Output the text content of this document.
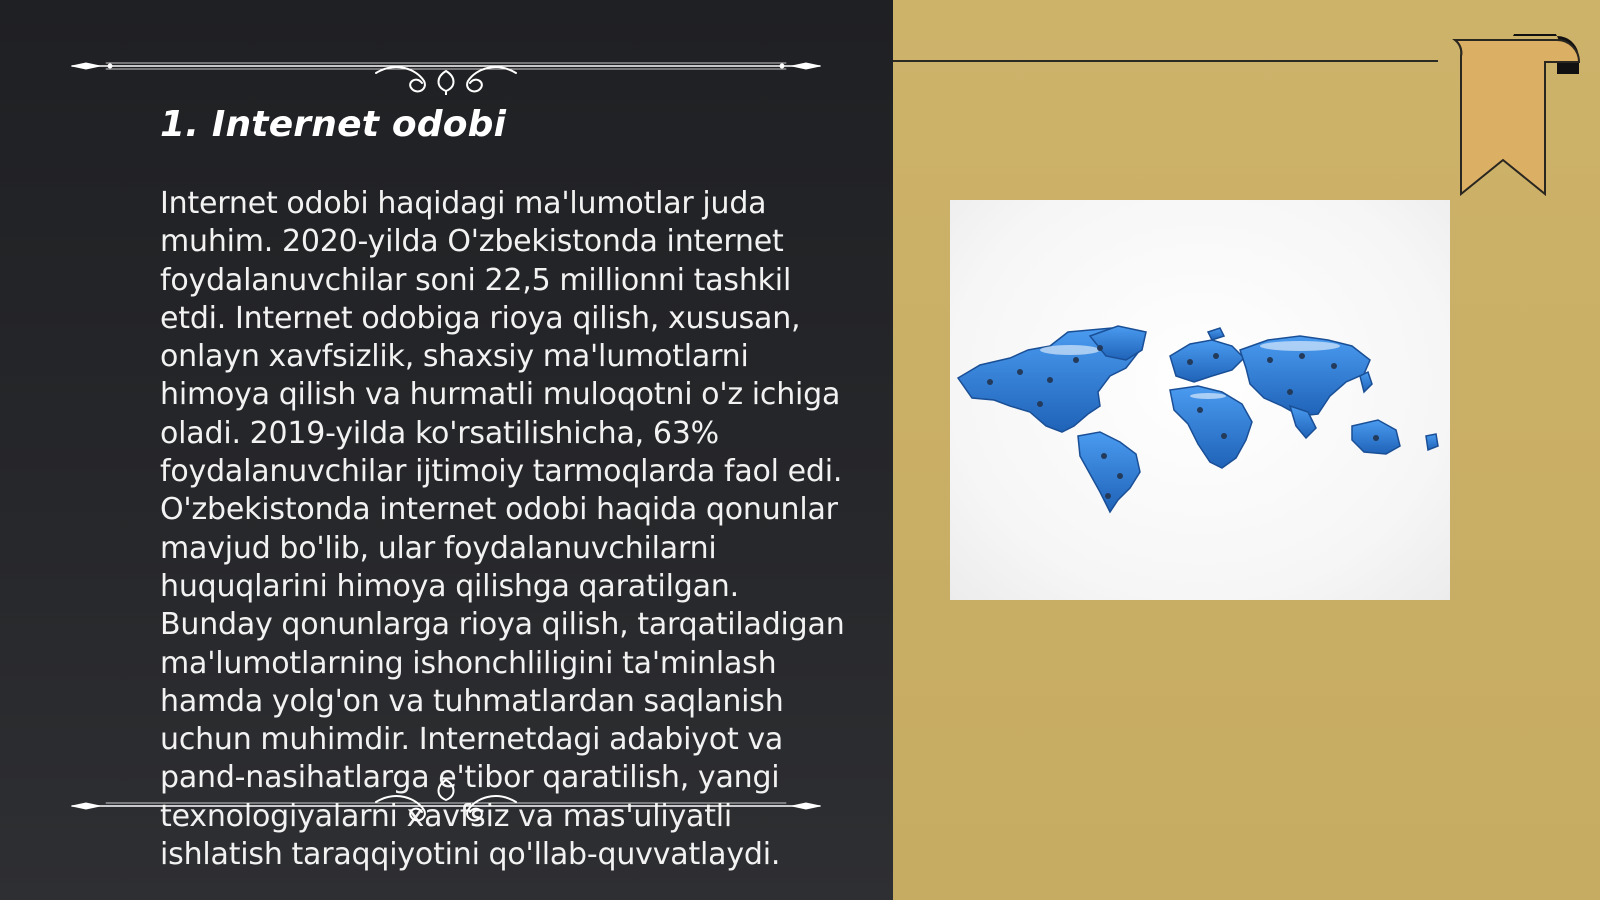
1. Internet odobi

Internet odobi haqidagi ma'lumotlar juda muhim. 2020-yilda O'zbekistonda internet foydalanuvchilar soni 22,5 millionni tashkil etdi. Internet odobiga rioya qilish, xususan, onlayn xavfsizlik, shaxsiy ma'lumotlarni himoya qilish va hurmatli muloqotni o'z ichiga oladi. 2019-yilda ko'rsatilishicha, 63% foydalanuvchilar ijtimoiy tarmoqlarda faol edi. O'zbekistonda internet odobi haqida qonunlar mavjud bo'lib, ular foydalanuvchilarni huquqlarini himoya qilishga qaratilgan. Bunday qonunlarga rioya qilish, tarqatiladigan ma'lumotlarning ishonchliligini ta'minlash hamda yolg'on va tuhmatlardan saqlanish uchun muhimdir. Internetdagi adabiyot va pand-nasihatlarga e'tibor qaratilish, yangi texnologiyalarni xavfsiz va mas'uliyatli ishlatish taraqqiyotini qo'llab-quvvatlaydi.
